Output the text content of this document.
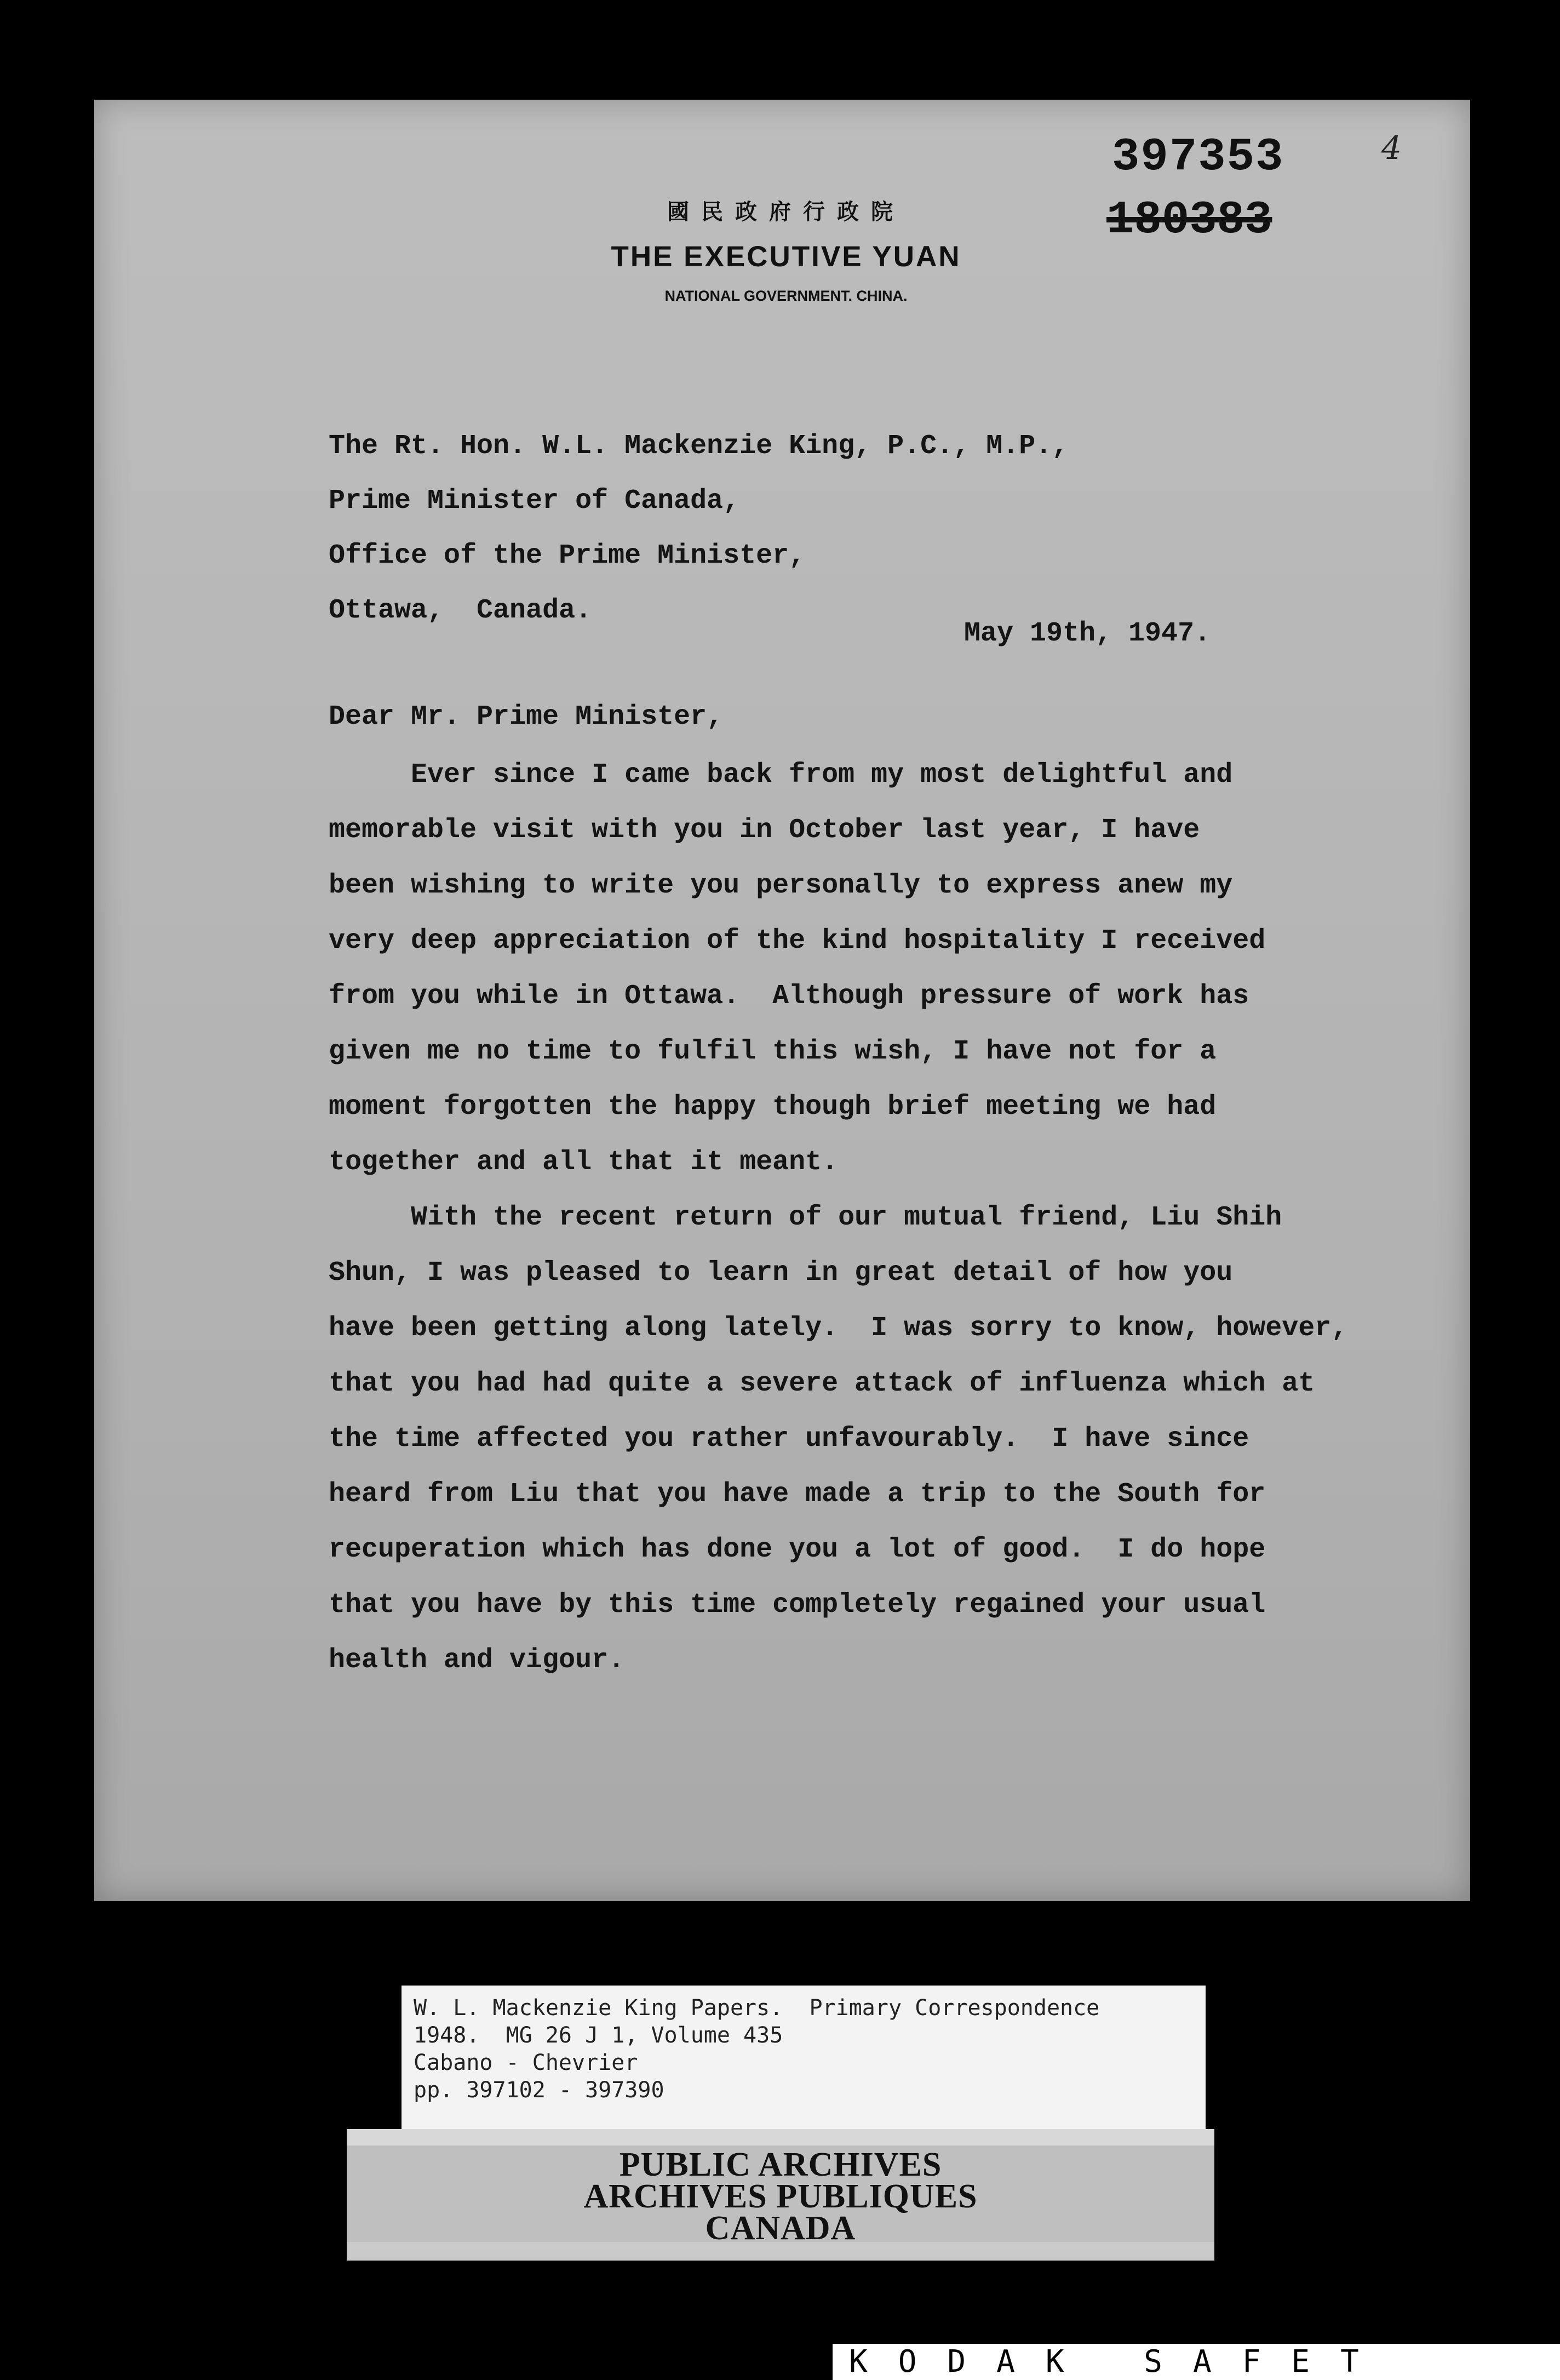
397353
180383
4
國民政府行政院
THE EXECUTIVE YUAN
NATIONAL GOVERNMENT. CHINA.
The Rt. Hon. W.L. Mackenzie King, P.C., M.P.,
Prime Minister of Canada,
Office of the Prime Minister,
Ottawa,  Canada.
May 19th, 1947.
Dear Mr. Prime Minister,
Ever since I came back from my most delightful and
memorable visit with you in October last year, I have
been wishing to write you personally to express anew my
very deep appreciation of the kind hospitality I received
from you while in Ottawa.  Although pressure of work has
given me no time to fulfil this wish, I have not for a
moment forgotten the happy though brief meeting we had
together and all that it meant.
With the recent return of our mutual friend, Liu Shih
Shun, I was pleased to learn in great detail of how you
have been getting along lately.  I was sorry to know, however,
that you had had quite a severe attack of influenza which at
the time affected you rather unfavourably.  I have since
heard from Liu that you have made a trip to the South for
recuperation which has done you a lot of good.  I do hope
that you have by this time completely regained your usual
health and vigour.
W. L. Mackenzie King Papers.  Primary Correspondence
1948.  MG 26 J 1, Volume 435
Cabano - Chevrier
pp. 397102 - 397390
PUBLIC ARCHIVES
ARCHIVES PUBLIQUES
CANADA
KODAK SAFET
